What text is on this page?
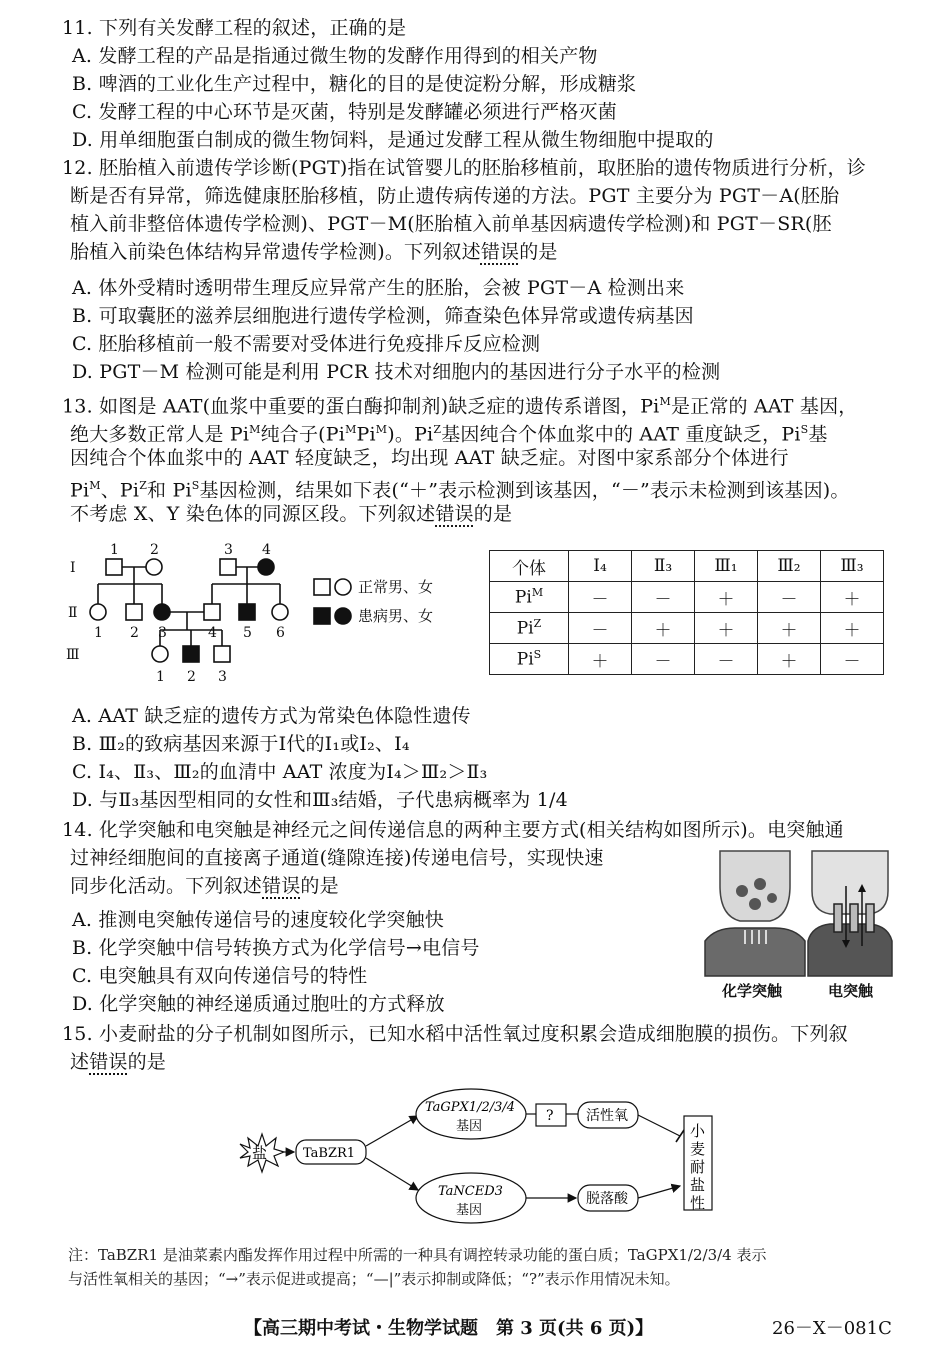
11. 下列有关发酵工程的叙述，正确的是
A. 发酵工程的产品是指通过微生物的发酵作用得到的相关产物
B. 啤酒的工业化生产过程中，糖化的目的是使淀粉分解，形成糖浆
C. 发酵工程的中心环节是灭菌，特别是发酵罐必须进行严格灭菌
D. 用单细胞蛋白制成的微生物饲料，是通过发酵工程从微生物细胞中提取的
12. 胚胎植入前遗传学诊断(PGT)指在试管婴儿的胚胎移植前，取胚胎的遗传物质进行分析，诊
断是否有异常，筛选健康胚胎移植，防止遗传病传递的方法。PGT 主要分为 PGT－A(胚胎
植入前非整倍体遗传学检测)、PGT－M(胚胎植入前单基因病遗传学检测)和 PGT－SR(胚
胎植入前染色体结构异常遗传学检测)。下列叙述错误的是
A. 体外受精时透明带生理反应异常产生的胚胎，会被 PGT－A 检测出来
B. 可取囊胚的滋养层细胞进行遗传学检测，筛查染色体异常或遗传病基因
C. 胚胎移植前一般不需要对受体进行免疫排斥反应检测
D. PGT－M 检测可能是利用 PCR 技术对细胞内的基因进行分子水平的检测
13. 如图是 AAT(血浆中重要的蛋白酶抑制剂)缺乏症的遗传系谱图，$Pi^M$是正常的 AAT 基因，
绝大多数正常人是 $Pi^M$纯合子$(Pi^MPi^M)$。$Pi^Z$基因纯合个体血浆中的 AAT 重度缺乏，$Pi^S$基
因纯合个体血浆中的 AAT 轻度缺乏，均出现 AAT 缺乏症。对图中家系部分个体进行
$Pi^M$、$Pi^Z$和 $Pi^S$基因检测，结果如下表(“＋”表示检测到该基因，“－”表示未检测到该基因)。
不考虑 X、Y 染色体的同源区段。下列叙述错误的是
Ⅰ
Ⅱ
Ⅲ
1 2	3 4
1 2 3	4 5 6
1 2 3
正常男、女
患病男、女
个体	Ⅰ₄	Ⅱ₃	Ⅲ₁	Ⅲ₂	Ⅲ₃
$Pi^M$	－	－	＋	－	＋
$Pi^Z$	－	＋	＋	＋	＋
$Pi^S$	＋	－	－	＋	－
A. AAT 缺乏症的遗传方式为常染色体隐性遗传
B. Ⅲ₂的致病基因来源于Ⅰ代的Ⅰ₁或Ⅰ₂、Ⅰ₄
C. Ⅰ₄、Ⅱ₃、Ⅲ₂的血清中 AAT 浓度为Ⅰ₄＞Ⅲ₂＞Ⅱ₃
D. 与Ⅱ₃基因型相同的女性和Ⅲ₃结婚，子代患病概率为 1/4
14. 化学突触和电突触是神经元之间传递信息的两种主要方式(相关结构如图所示)。电突触通
过神经细胞间的直接离子通道(缝隙连接)传递电信号，实现快速
同步化活动。下列叙述错误的是
A. 推测电突触传递信号的速度较化学突触快
B. 化学突触中信号转换方式为化学信号→电信号
C. 电突触具有双向传递信号的特性
D. 化学突触的神经递质通过胞吐的方式释放
化学突触	电突触
15. 小麦耐盐的分子机制如图所示，已知水稻中活性氧过度积累会造成细胞膜的损伤。下列叙
述错误的是
盐	TaBZR1
TaGPX1/2/3/4
基因
TaNCED3
基因
? 活性氧
脱落酸
小
麦
耐
盐
性
注：TaBZR1 是油菜素内酯发挥作用过程中所需的一种具有调控转录功能的蛋白质；TaGPX1/2/3/4 表示
与活性氧相关的基因；“→”表示促进或提高；“—|”表示抑制或降低；“?”表示作用情况未知。
【高三期中考试・生物学试题　第 3 页(共 6 页)】	26－X－081C
